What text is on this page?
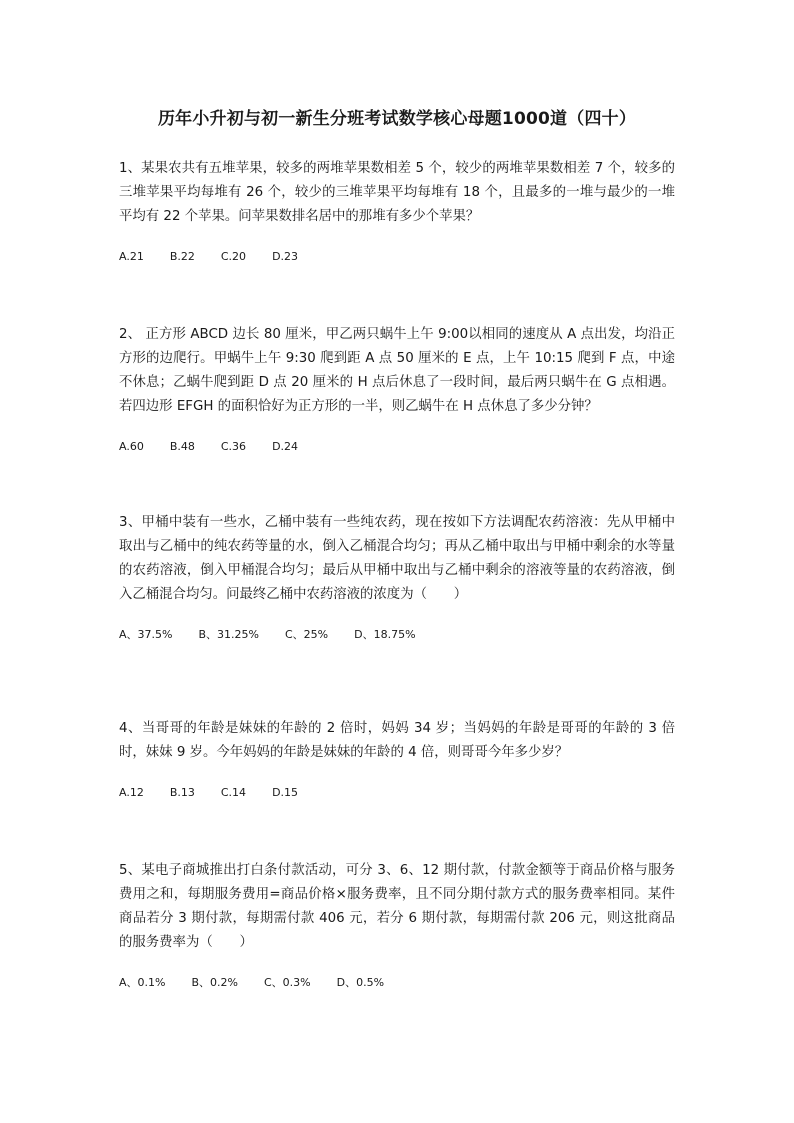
历年小升初与初一新生分班考试数学核心母题1000道（四十）

1、某果农共有五堆苹果，较多的两堆苹果数相差 5 个，较少的两堆苹果数相差 7 个，较多的三堆苹果平均每堆有 26 个，较少的三堆苹果平均每堆有 18 个，且最多的一堆与最少的一堆平均有 22 个苹果。问苹果数排名居中的那堆有多少个苹果？

A.21 B.22 C.20 D.23

2、 正方形 ABCD 边长 80 厘米，甲乙两只蜗牛上午 9:00以相同的速度从 A 点出发，均沿正方形的边爬行。甲蜗牛上午 9:30 爬到距 A 点 50 厘米的 E 点，上午 10:15 爬到 F 点，中途不休息；乙蜗牛爬到距 D 点 20 厘米的 H 点后休息了一段时间，最后两只蜗牛在 G 点相遇。若四边形 EFGH 的面积恰好为正方形的一半，则乙蜗牛在 H 点休息了多少分钟？

A.60 B.48 C.36 D.24

3、甲桶中装有一些水，乙桶中装有一些纯农药，现在按如下方法调配农药溶液：先从甲桶中取出与乙桶中的纯农药等量的水，倒入乙桶混合均匀；再从乙桶中取出与甲桶中剩余的水等量的农药溶液，倒入甲桶混合均匀；最后从甲桶中取出与乙桶中剩余的溶液等量的农药溶液，倒入乙桶混合均匀。问最终乙桶中农药溶液的浓度为（　　）

A、37.5% B、31.25% C、25% D、18.75%

4、当哥哥的年龄是妹妹的年龄的 2 倍时，妈妈 34 岁；当妈妈的年龄是哥哥的年龄的 3 倍时，妹妹 9 岁。今年妈妈的年龄是妹妹的年龄的 4 倍，则哥哥今年多少岁？

A.12 B.13 C.14 D.15

5、某电子商城推出打白条付款活动，可分 3、6、12 期付款，付款金额等于商品价格与服务费用之和，每期服务费用=商品价格×服务费率，且不同分期付款方式的服务费率相同。某件商品若分 3 期付款，每期需付款 406 元，若分 6 期付款，每期需付款 206 元，则这批商品的服务费率为（　　）

A、0.1% B、0.2% C、0.3% D、0.5%
